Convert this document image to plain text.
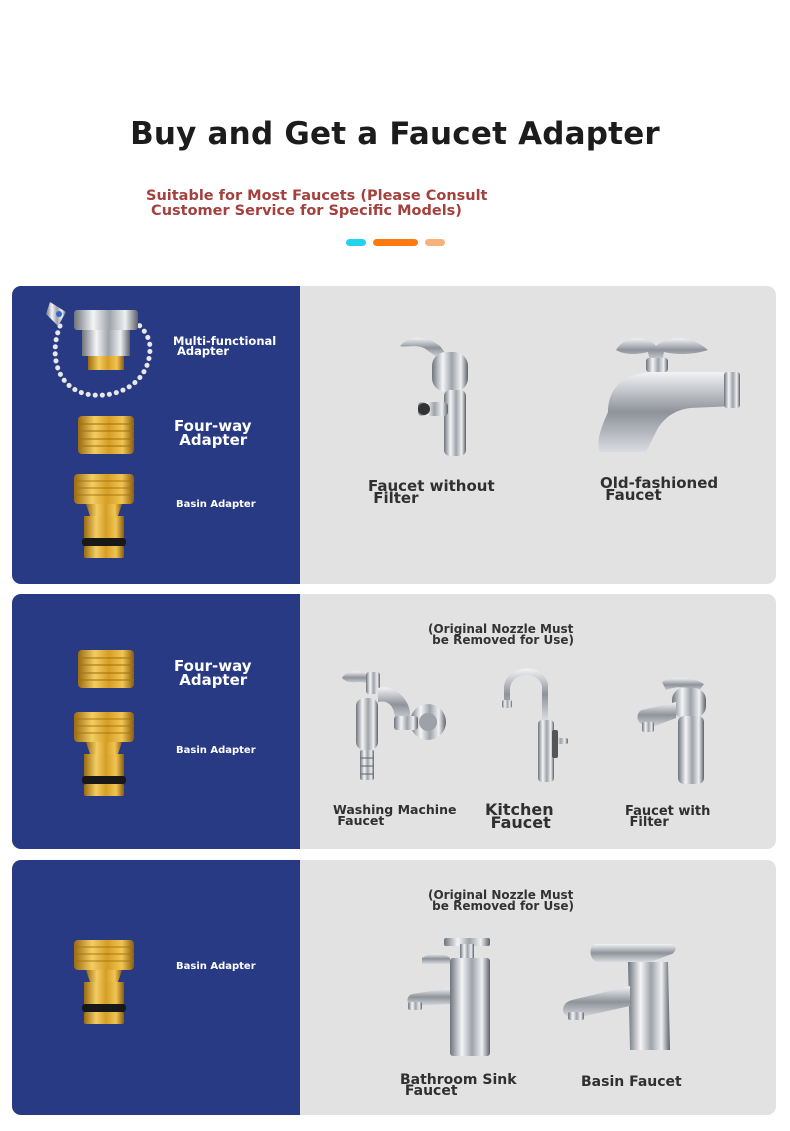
Buy and Get a Faucet Adapter
Suitable for Most Faucets (Please Consult
Customer Service for Specific Models)
Multi-functional
Adapter
Four-way
Adapter
Basin Adapter
Faucet without
Filter
Old-fashioned
Faucet
Four-way
Adapter
Basin Adapter
(Original Nozzle Must
be Removed for Use)
Washing Machine
Faucet
Kitchen
Faucet
Faucet with
Filter
Basin Adapter
(Original Nozzle Must
be Removed for Use)
Bathroom Sink
Faucet
Basin Faucet
